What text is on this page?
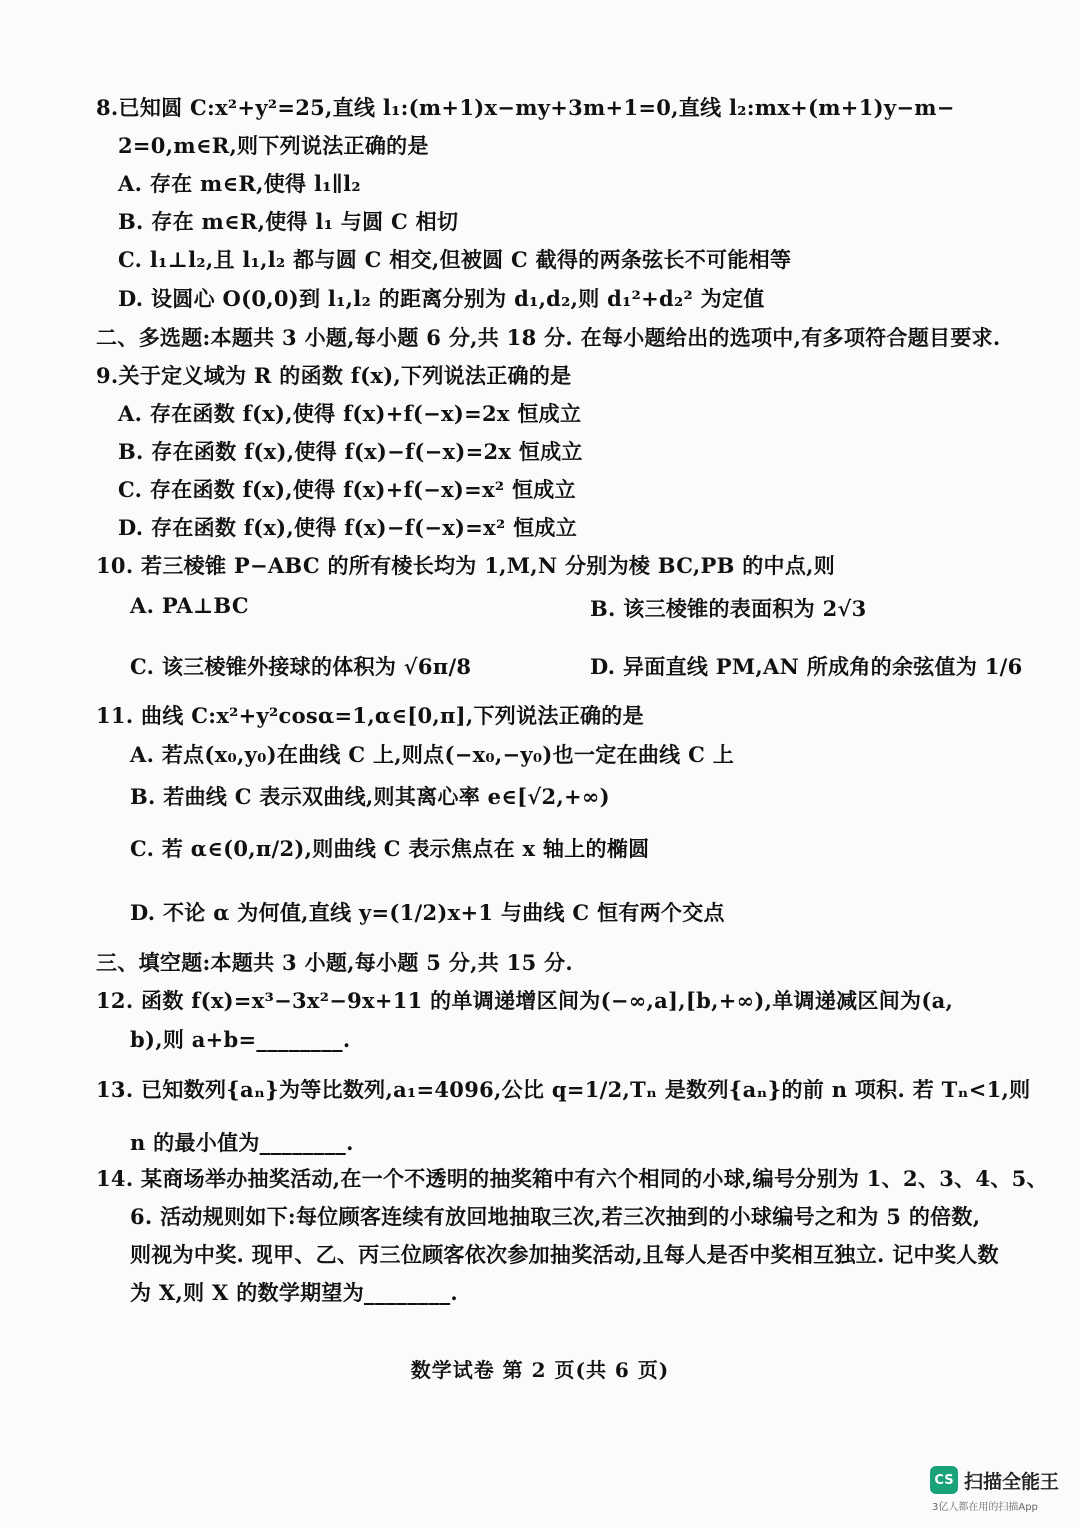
8.已知圆 C:x²+y²=25,直线 l₁:(m+1)x−my+3m+1=0,直线 l₂:mx+(m+1)y−m−
2=0,m∈R,则下列说法正确的是
A. 存在 m∈R,使得 l₁∥l₂
B. 存在 m∈R,使得 l₁ 与圆 C 相切
C. l₁⊥l₂,且 l₁,l₂ 都与圆 C 相交,但被圆 C 截得的两条弦长不可能相等
D. 设圆心 O(0,0)到 l₁,l₂ 的距离分别为 d₁,d₂,则 d₁²+d₂² 为定值
二、多选题:本题共 3 小题,每小题 6 分,共 18 分. 在每小题给出的选项中,有多项符合题目要求.
9.关于定义域为 R 的函数 f(x),下列说法正确的是
A. 存在函数 f(x),使得 f(x)+f(−x)=2x 恒成立
B. 存在函数 f(x),使得 f(x)−f(−x)=2x 恒成立
C. 存在函数 f(x),使得 f(x)+f(−x)=x² 恒成立
D. 存在函数 f(x),使得 f(x)−f(−x)=x² 恒成立
10. 若三棱锥 P−ABC 的所有棱长均为 1,M,N 分别为棱 BC,PB 的中点,则
A. PA⊥BC	B. 该三棱锥的表面积为 2√3
C. 该三棱锥外接球的体积为 √6π/8	D. 异面直线 PM,AN 所成角的余弦值为 1/6
11. 曲线 C:x²+y²cosα=1,α∈[0,π],下列说法正确的是
A. 若点(x₀,y₀)在曲线 C 上,则点(−x₀,−y₀)也一定在曲线 C 上
B. 若曲线 C 表示双曲线,则其离心率 e∈[√2,+∞)
C. 若 α∈(0,π/2),则曲线 C 表示焦点在 x 轴上的椭圆
D. 不论 α 为何值,直线 y=(1/2)x+1 与曲线 C 恒有两个交点
三、填空题:本题共 3 小题,每小题 5 分,共 15 分.
12. 函数 f(x)=x³−3x²−9x+11 的单调递增区间为(−∞,a],[b,+∞),单调递减区间为(a,
b),则 a+b=________.
13. 已知数列{aₙ}为等比数列,a₁=4096,公比 q=1/2,Tₙ 是数列{aₙ}的前 n 项积. 若 Tₙ<1,则
n 的最小值为________.
14. 某商场举办抽奖活动,在一个不透明的抽奖箱中有六个相同的小球,编号分别为 1、2、3、4、5、
6. 活动规则如下:每位顾客连续有放回地抽取三次,若三次抽到的小球编号之和为 5 的倍数,
则视为中奖. 现甲、乙、丙三位顾客依次参加抽奖活动,且每人是否中奖相互独立. 记中奖人数
为 X,则 X 的数学期望为________.
数学试卷 第 2 页(共 6 页)
CS 扫描全能王
3亿人都在用的扫描App
